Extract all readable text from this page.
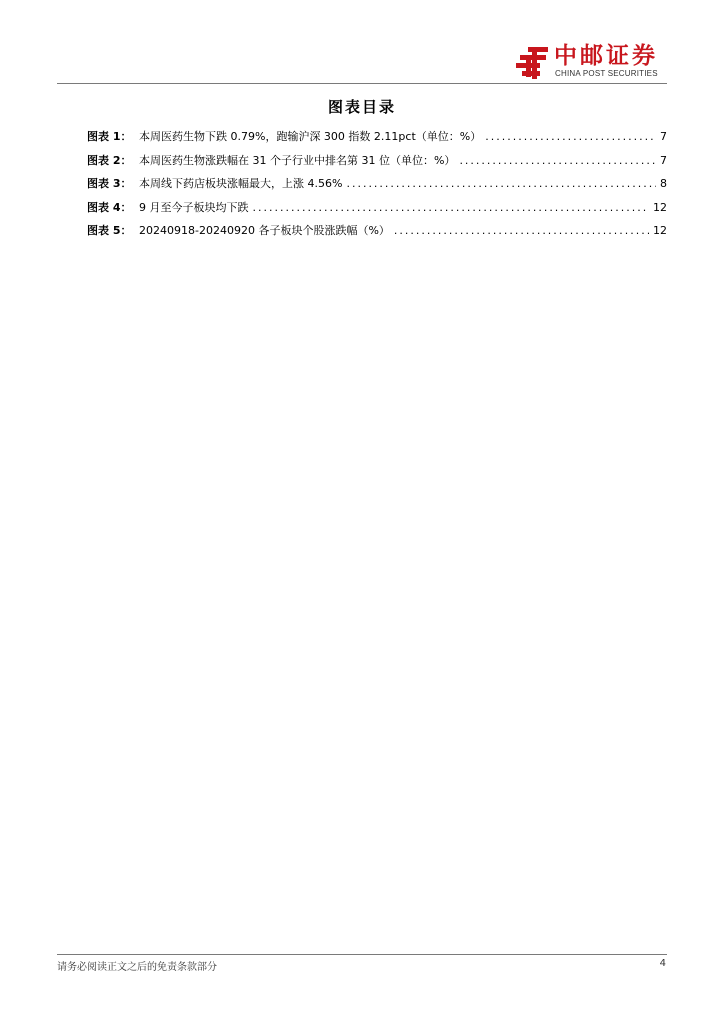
中邮证券
CHINA POST SECURITIES
图表目录
图表 1： 本周医药生物下跌 0.79%，跑输沪深 300 指数 2.11pct（单位：%） .....	7
图表 2： 本周医药生物涨跌幅在 31 个子行业中排名第 31 位（单位：%） .....	7
图表 3： 本周线下药店板块涨幅最大，上涨 4.56% .....	8
图表 4： 9 月至今子板块均下跌 .....	12
图表 5： 20240918-20240920 各子板块个股涨跌幅（%） .....	12
请务必阅读正文之后的免责条款部分	4
